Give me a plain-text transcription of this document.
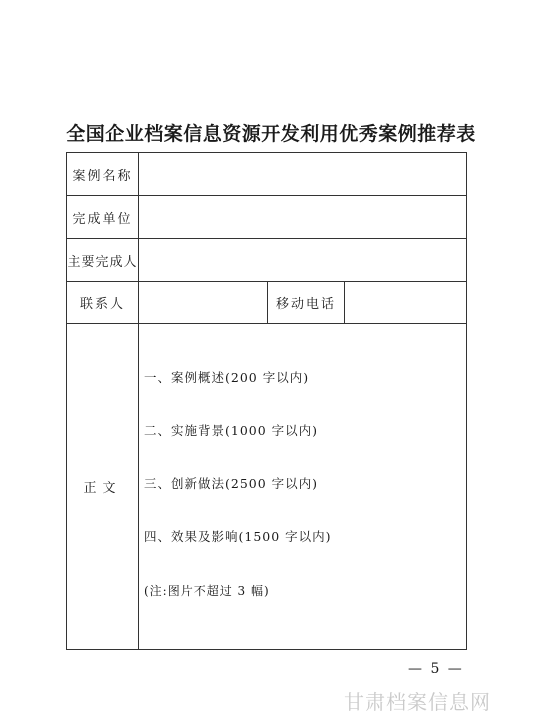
全国企业档案信息资源开发利用优秀案例推荐表
案例名称			
完成单位			
主要完成人			
联系人		移动电话	
正文	一、案例概述(200 字以内)
二、实施背景(1000 字以内)
三、创新做法(2500 字以内)
四、效果及影响(1500 字以内)
(注:图片不超过 3 幅)		
— 5 —
甘肃档案信息网
